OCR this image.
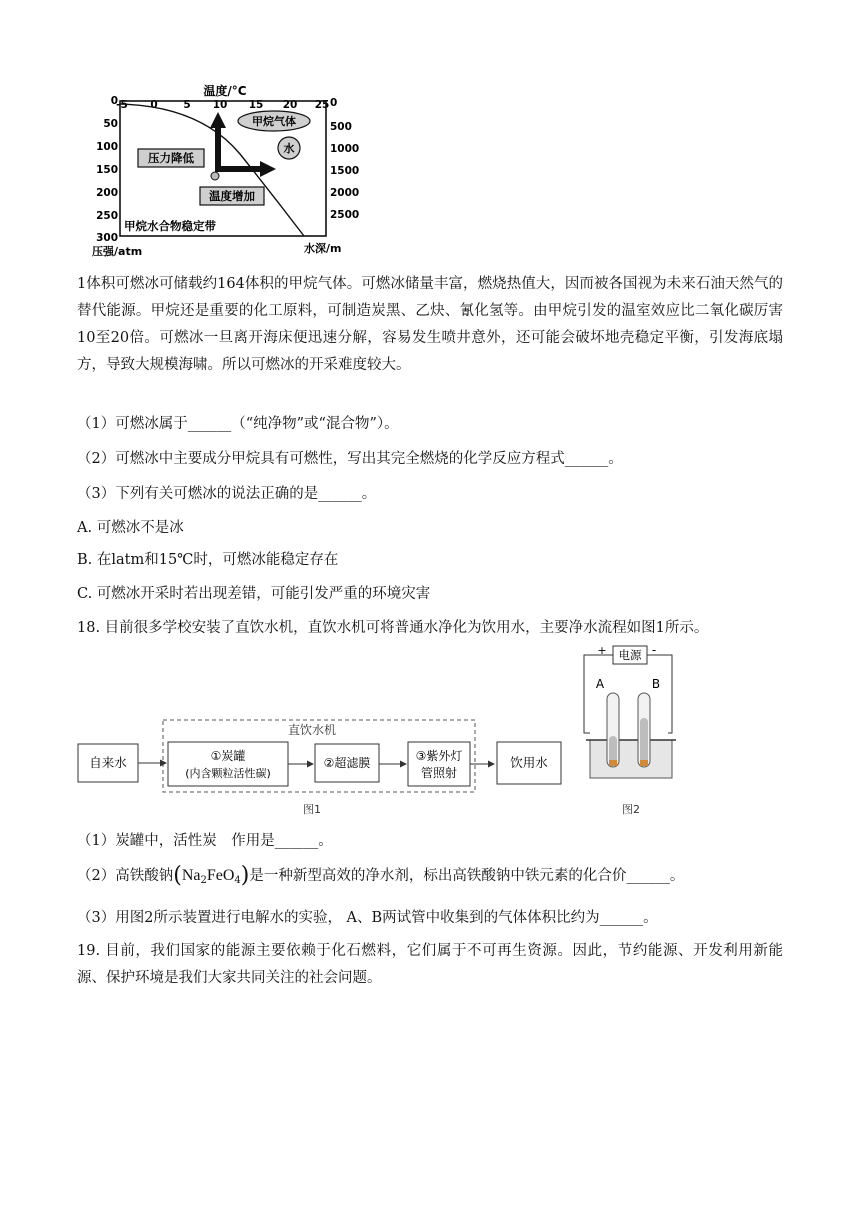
温度/°C
-5 0 5 10 15 20 25
0
50
100
150
200
250
300
0
500
1000
1500
2000
2500
甲烷气体
水
压力降低
温度增加
甲烷水合物稳定带
压强/atm	水深/m
1体积可燃冰可储载约164体积的甲烷气体。可燃冰储量丰富，燃烧热值大，因而被各国视为未来石油天然气的替代能源。甲烷还是重要的化工原料，可制造炭黑、乙炔、氰化氢等。由甲烷引发的温室效应比二氧化碳厉害10至20倍。可燃冰一旦离开海床便迅速分解，容易发生喷井意外，还可能会破坏地壳稳定平衡，引发海底塌方，导致大规模海啸。所以可燃冰的开采难度较大。
（1）可燃冰属于______（“纯净物”或“混合物”）。
（2）可燃冰中主要成分甲烷具有可燃性，写出其完全燃烧的化学反应方程式______。
（3）下列有关可燃冰的说法正确的是______。
A. 可燃冰不是冰
B. 在latm和15℃时，可燃冰能稳定存在
C. 可燃冰开采时若出现差错，可能引发严重的环境灾害
18. 目前很多学校安装了直饮水机，直饮水机可将普通水净化为饮用水，主要净水流程如图1所示。
直饮水机
自来水	①炭罐
(内含颗粒活性碳)
②超滤膜	③紫外灯
管照射
饮用水
图1
+	-
电源
A	B
图2
（1）炭罐中，活性炭　作用是______。
（2）高铁酸钠$(Na_2FeO_4)$是一种新型高效的净水剂，标出高铁酸钠中铁元素的化合价______。
（3）用图2所示装置进行电解水的实验， A、B两试管中收集到的气体体积比约为______。
19. 目前，我们国家的能源主要依赖于化石燃料，它们属于不可再生资源。因此，节约能源、开发利用新能源、保护环境是我们大家共同关注的社会问题。
